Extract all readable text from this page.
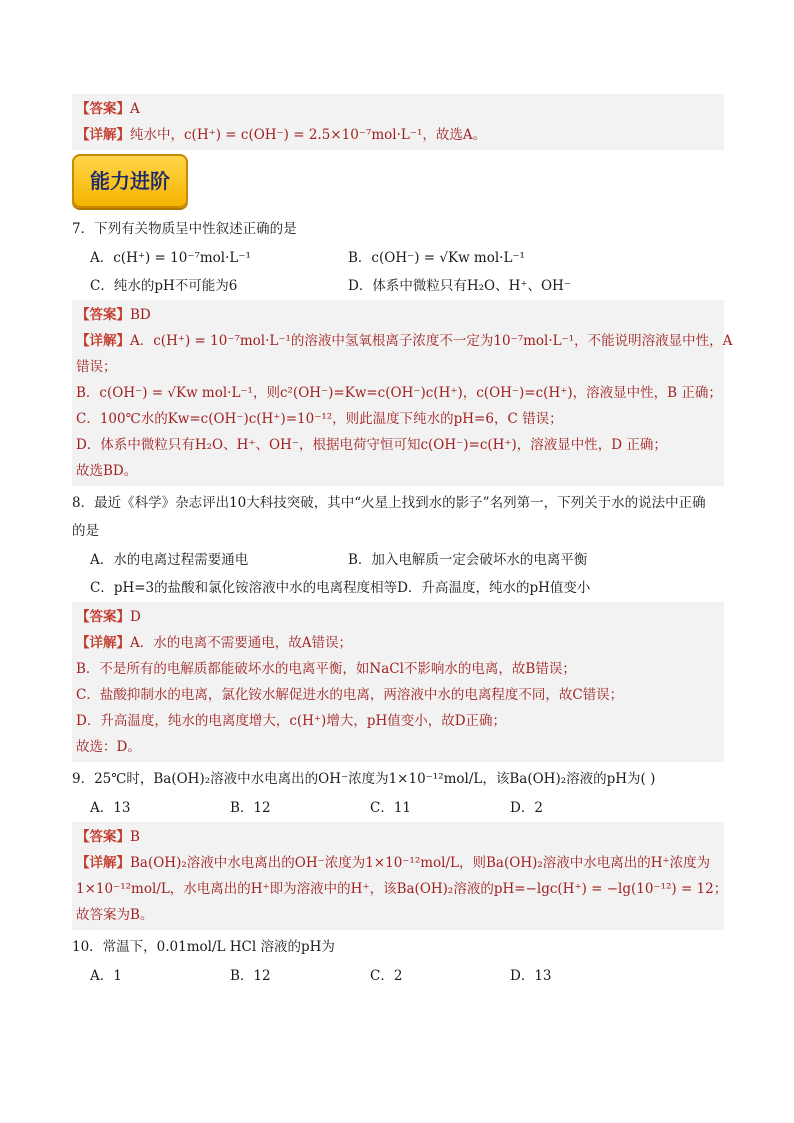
【答案】A
【详解】纯水中，c(H⁺) = c(OH⁻) = 2.5×10⁻⁷mol·L⁻¹，故选A。
能力进阶
7．下列有关物质呈中性叙述正确的是
A．c(H⁺) = 10⁻⁷mol·L⁻¹	B．c(OH⁻) = √Kw mol·L⁻¹
C．纯水的pH不可能为6	D．体系中微粒只有H₂O、H⁺、OH⁻
【答案】BD
【详解】A．c(H⁺) = 10⁻⁷mol·L⁻¹的溶液中氢氧根离子浓度不一定为10⁻⁷mol·L⁻¹，不能说明溶液显中性，A
错误；
B．c(OH⁻) = √Kw mol·L⁻¹，则c²(OH⁻)=Kw=c(OH⁻)c(H⁺)，c(OH⁻)=c(H⁺)，溶液显中性，B 正确；
C．100℃水的Kw=c(OH⁻)c(H⁺)=10⁻¹²，则此温度下纯水的pH=6，C 错误；
D．体系中微粒只有H₂O、H⁺、OH⁻，根据电荷守恒可知c(OH⁻)=c(H⁺)，溶液显中性，D 正确；
故选BD。
8．最近《科学》杂志评出10大科技突破，其中“火星上找到水的影子”名列第一，下列关于水的说法中正确
的是
A．水的电离过程需要通电	B．加入电解质一定会破坏水的电离平衡
C．pH=3的盐酸和氯化铵溶液中水的电离程度相等 D．升高温度，纯水的pH值变小
【答案】D
【详解】A．水的电离不需要通电，故A错误；
B．不是所有的电解质都能破坏水的电离平衡，如NaCl不影响水的电离，故B错误；
C．盐酸抑制水的电离，氯化铵水解促进水的电离，两溶液中水的电离程度不同，故C错误；
D．升高温度，纯水的电离度增大，c(H⁺)增大，pH值变小，故D正确；
故选：D。
9．25℃时，Ba(OH)₂溶液中水电离出的OH⁻浓度为1×10⁻¹²mol/L，该Ba(OH)₂溶液的pH为( )
A．13	B．12	C．11	D．2
【答案】B
【详解】Ba(OH)₂溶液中水电离出的OH⁻浓度为1×10⁻¹²mol/L，则Ba(OH)₂溶液中水电离出的H⁺浓度为
1×10⁻¹²mol/L，水电离出的H⁺即为溶液中的H⁺，该Ba(OH)₂溶液的pH=−lgc(H⁺) = −lg(10⁻¹²) = 12；
故答案为B。
10．常温下，0.01mol/L HCl 溶液的pH为
A．1	B．12	C．2	D．13
